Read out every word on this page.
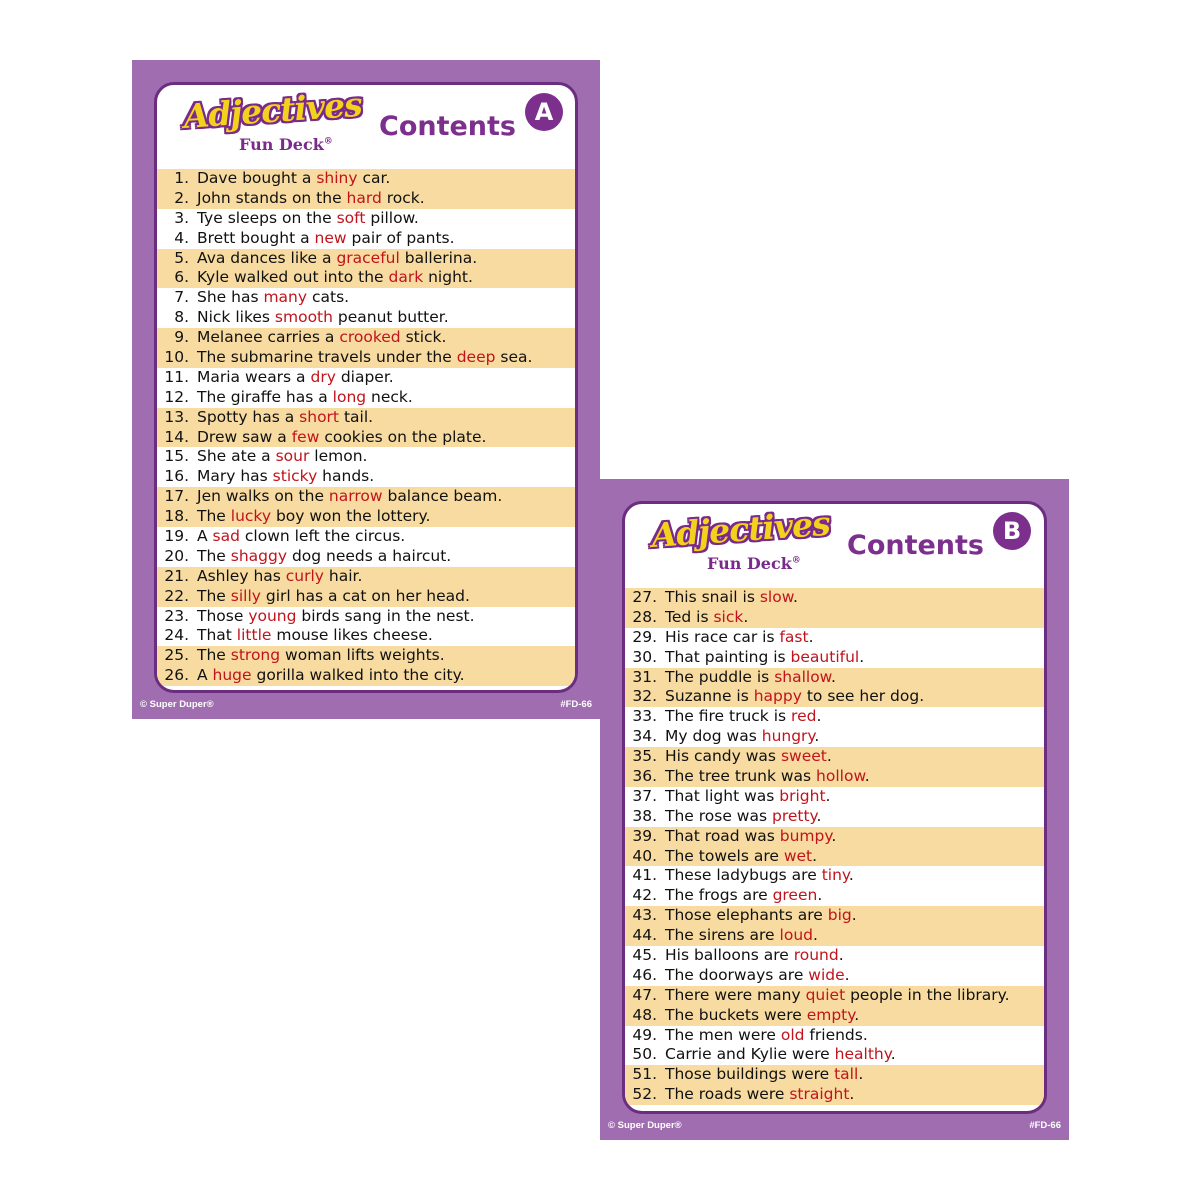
Adjectives
Fun Deck® Contents A
1. Dave bought a shiny car.
2. John stands on the hard rock.
3. Tye sleeps on the soft pillow.
4. Brett bought a new pair of pants.
5. Ava dances like a graceful ballerina.
6. Kyle walked out into the dark night.
7. She has many cats.
8. Nick likes smooth peanut butter.
9. Melanee carries a crooked stick.
10. The submarine travels under the deep sea.
11. Maria wears a dry diaper.
12. The giraffe has a long neck.
13. Spotty has a short tail.
14. Drew saw a few cookies on the plate.
15. She ate a sour lemon.
16. Mary has sticky hands.
17. Jen walks on the narrow balance beam.
18. The lucky boy won the lottery.
19. A sad clown left the circus.
20. The shaggy dog needs a haircut.
21. Ashley has curly hair.
22. The silly girl has a cat on her head.
23. Those young birds sang in the nest.
24. That little mouse likes cheese.
25. The strong woman lifts weights.
26. A huge gorilla walked into the city.
© Super Duper®	#FD-66
Adjectives
Fun Deck® Contents B
27. This snail is slow.
28. Ted is sick.
29. His race car is fast.
30. That painting is beautiful.
31. The puddle is shallow.
32. Suzanne is happy to see her dog.
33. The fire truck is red.
34. My dog was hungry.
35. His candy was sweet.
36. The tree trunk was hollow.
37. That light was bright.
38. The rose was pretty.
39. That road was bumpy.
40. The towels are wet.
41. These ladybugs are tiny.
42. The frogs are green.
43. Those elephants are big.
44. The sirens are loud.
45. His balloons are round.
46. The doorways are wide.
47. There were many quiet people in the library.
48. The buckets were empty.
49. The men were old friends.
50. Carrie and Kylie were healthy.
51. Those buildings were tall.
52. The roads were straight.
© Super Duper®	#FD-66
